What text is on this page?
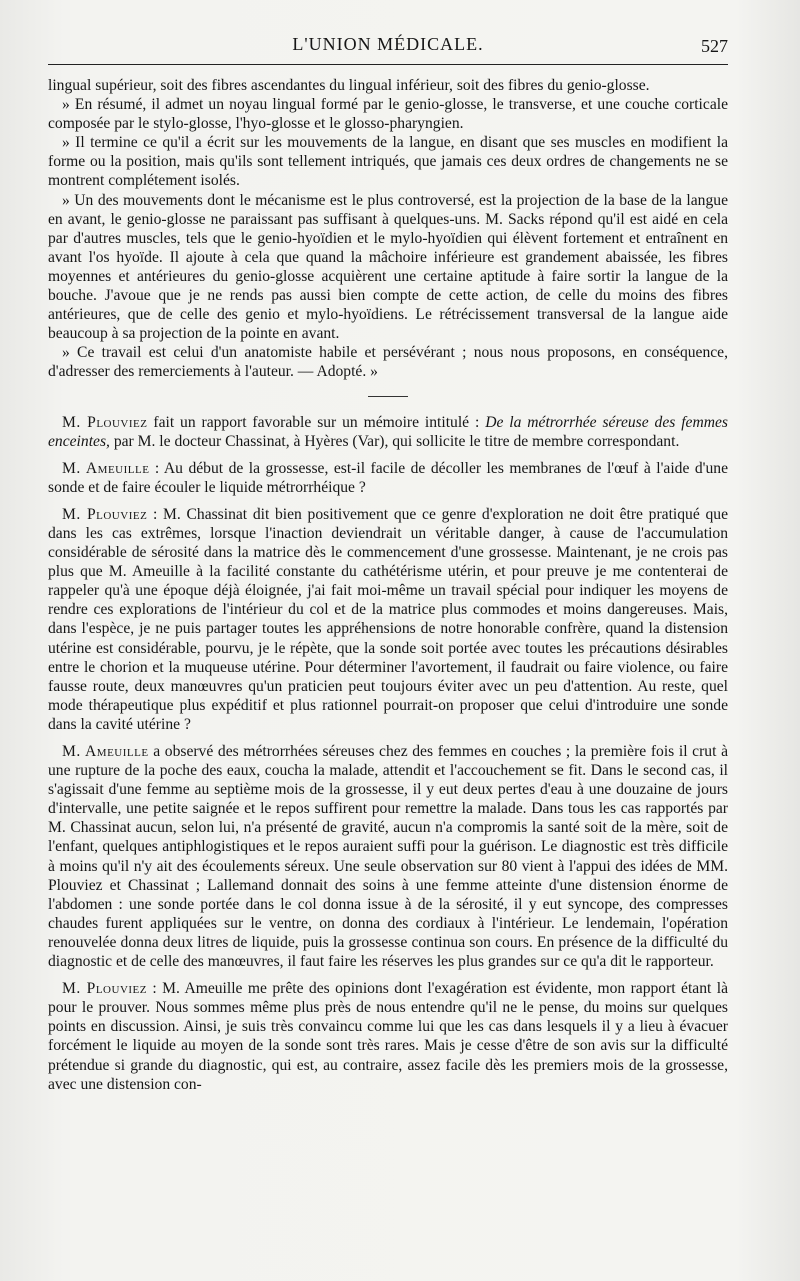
L'UNION MÉDICALE.	527

lingual supérieur, soit des fibres ascendantes du lingual inférieur, soit des fibres du genio-glosse.

» En résumé, il admet un noyau lingual formé par le genio-glosse, le transverse, et une couche corticale composée par le stylo-glosse, l'hyo-glosse et le glosso-pharyngien.

» Il termine ce qu'il a écrit sur les mouvements de la langue, en disant que ses muscles en modifient la forme ou la position, mais qu'ils sont tellement intriqués, que jamais ces deux ordres de changements ne se montrent complétement isolés.

» Un des mouvements dont le mécanisme est le plus controversé, est la projection de la base de la langue en avant, le genio-glosse ne paraissant pas suffisant à quelques-uns. M. Sacks répond qu'il est aidé en cela par d'autres muscles, tels que le genio-hyoïdien et le mylo-hyoïdien qui élèvent fortement et entraînent en avant l'os hyoïde. Il ajoute à cela que quand la mâchoire inférieure est grandement abaissée, les fibres moyennes et antérieures du genio-glosse acquièrent une certaine aptitude à faire sortir la langue de la bouche. J'avoue que je ne rends pas aussi bien compte de cette action, de celle du moins des fibres antérieures, que de celle des genio et mylo-hyoïdiens. Le rétrécissement transversal de la langue aide beaucoup à sa projection de la pointe en avant.

» Ce travail est celui d'un anatomiste habile et persévérant ; nous nous proposons, en conséquence, d'adresser des remerciements à l'auteur. — Adopté. »

M. Plouviez fait un rapport favorable sur un mémoire intitulé : De la métrorrhée séreuse des femmes enceintes, par M. le docteur Chassinat, à Hyères (Var), qui sollicite le titre de membre correspondant.

M. Ameuille : Au début de la grossesse, est-il facile de décoller les membranes de l'œuf à l'aide d'une sonde et de faire écouler le liquide métrorrhéique ?

M. Plouviez : M. Chassinat dit bien positivement que ce genre d'exploration ne doit être pratiqué que dans les cas extrêmes, lorsque l'inaction deviendrait un véritable danger, à cause de l'accumulation considérable de sérosité dans la matrice dès le commencement d'une grossesse. Maintenant, je ne crois pas plus que M. Ameuille à la facilité constante du cathétérisme utérin, et pour preuve je me contenterai de rappeler qu'à une époque déjà éloignée, j'ai fait moi-même un travail spécial pour indiquer les moyens de rendre ces explorations de l'intérieur du col et de la matrice plus commodes et moins dangereuses. Mais, dans l'espèce, je ne puis partager toutes les appréhensions de notre honorable confrère, quand la distension utérine est considérable, pourvu, je le répète, que la sonde soit portée avec toutes les précautions désirables entre le chorion et la muqueuse utérine. Pour déterminer l'avortement, il faudrait ou faire violence, ou faire fausse route, deux manœuvres qu'un praticien peut toujours éviter avec un peu d'attention. Au reste, quel mode thérapeutique plus expéditif et plus rationnel pourrait-on proposer que celui d'introduire une sonde dans la cavité utérine ?

M. Ameuille a observé des métrorrhées séreuses chez des femmes en couches ; la première fois il crut à une rupture de la poche des eaux, coucha la malade, attendit et l'accouchement se fit. Dans le second cas, il s'agissait d'une femme au septième mois de la grossesse, il y eut deux pertes d'eau à une douzaine de jours d'intervalle, une petite saignée et le repos suffirent pour remettre la malade. Dans tous les cas rapportés par M. Chassinat aucun, selon lui, n'a présenté de gravité, aucun n'a compromis la santé soit de la mère, soit de l'enfant, quelques antiphlogistiques et le repos auraient suffi pour la guérison. Le diagnostic est très difficile à moins qu'il n'y ait des écoulements séreux. Une seule observation sur 80 vient à l'appui des idées de MM. Plouviez et Chassinat ; Lallemand donnait des soins à une femme atteinte d'une distension énorme de l'abdomen : une sonde portée dans le col donna issue à de la sérosité, il y eut syncope, des compresses chaudes furent appliquées sur le ventre, on donna des cordiaux à l'intérieur. Le lendemain, l'opération renouvelée donna deux litres de liquide, puis la grossesse continua son cours. En présence de la difficulté du diagnostic et de celle des manœuvres, il faut faire les réserves les plus grandes sur ce qu'a dit le rapporteur.

M. Plouviez : M. Ameuille me prête des opinions dont l'exagération est évidente, mon rapport étant là pour le prouver. Nous sommes même plus près de nous entendre qu'il ne le pense, du moins sur quelques points en discussion. Ainsi, je suis très convaincu comme lui que les cas dans lesquels il y a lieu à évacuer forcément le liquide au moyen de la sonde sont très rares. Mais je cesse d'être de son avis sur la difficulté prétendue si grande du diagnostic, qui est, au contraire, assez facile dès les premiers mois de la grossesse, avec une distension con-
